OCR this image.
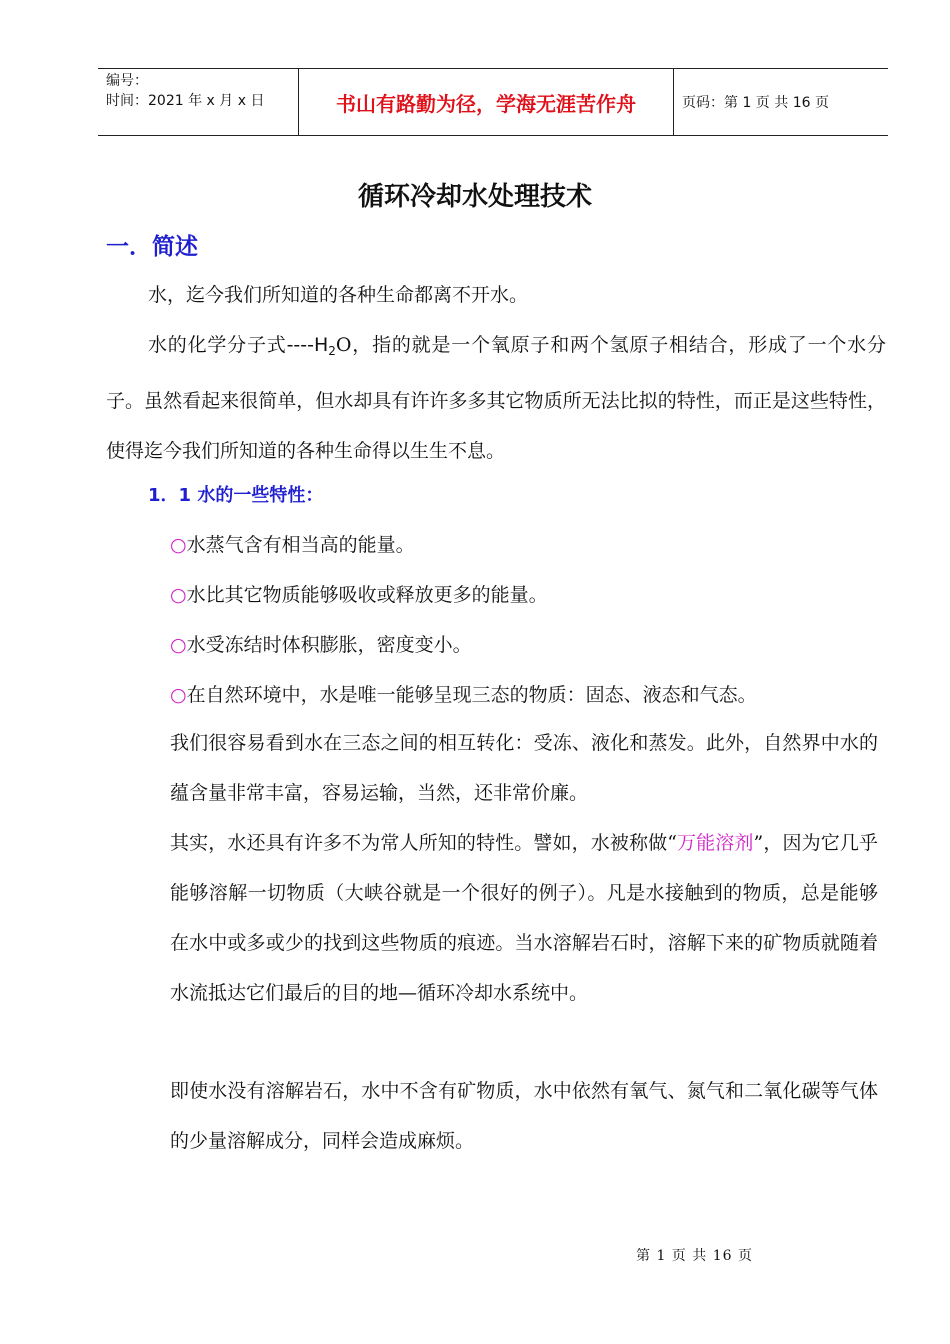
编号：
时间：2021 年 x 月 x 日	书山有路勤为径，学海无涯苦作舟	页码：第 1 页 共 16 页
循环冷却水处理技术
一．简述

水，迄今我们所知道的各种生命都离不开水。

水的化学分子式$----H_2O$，指的就是一个氧原子和两个氢原子相结合，形成了一个水分子。虽然看起来很简单，但水却具有许许多多其它物质所无法比拟的特性，而正是这些特性，使得迄今我们所知道的各种生命得以生生不息。

1．1 水的一些特性：
○水蒸气含有相当高的能量。
○水比其它物质能够吸收或释放更多的能量。
○水受冻结时体积膨胀，密度变小。
○在自然环境中，水是唯一能够呈现三态的物质：固态、液态和气态。

我们很容易看到水在三态之间的相互转化：受冻、液化和蒸发。此外，自然界中水的蕴含量非常丰富，容易运输，当然，还非常价廉。

其实，水还具有许多不为常人所知的特性。譬如，水被称做“万能溶剂”，因为它几乎能够溶解一切物质（大峡谷就是一个很好的例子）。凡是水接触到的物质，总是能够在水中或多或少的找到这些物质的痕迹。当水溶解岩石时，溶解下来的矿物质就随着水流抵达它们最后的目的地—循环冷却水系统中。

即使水没有溶解岩石，水中不含有矿物质，水中依然有氧气、氮气和二氧化碳等气体的少量溶解成分，同样会造成麻烦。

第 1 页 共 16 页
